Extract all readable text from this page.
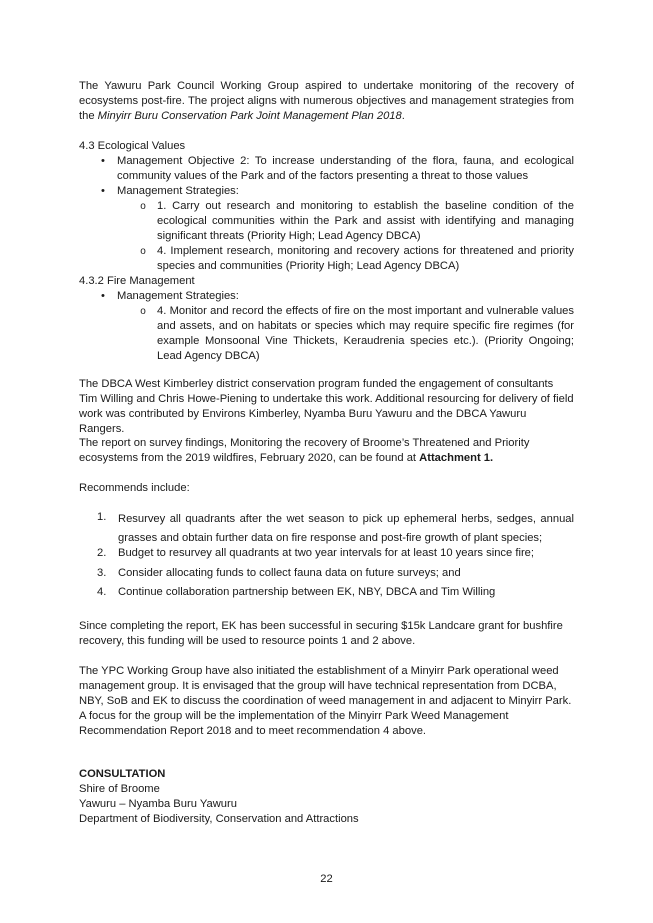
The Yawuru Park Council Working Group aspired to undertake monitoring of the recovery of ecosystems post-fire. The project aligns with numerous objectives and management strategies from the Minyirr Buru Conservation Park Joint Management Plan 2018.

4.3 Ecological Values

• Management Objective 2: To increase understanding of the flora, fauna, and ecological community values of the Park and of the factors presenting a threat to those values

• Management Strategies:

o 1. Carry out research and monitoring to establish the baseline condition of the ecological communities within the Park and assist with identifying and managing significant threats (Priority High; Lead Agency DBCA)

o 4. Implement research, monitoring and recovery actions for threatened and priority species and communities (Priority High; Lead Agency DBCA)

4.3.2 Fire Management

• Management Strategies:

o 4. Monitor and record the effects of fire on the most important and vulnerable values and assets, and on habitats or species which may require specific fire regimes (for example Monsoonal Vine Thickets, Keraudrenia species etc.). (Priority Ongoing; Lead Agency DBCA)

The DBCA West Kimberley district conservation program funded the engagement of consultants Tim Willing and Chris Howe-Piening to undertake this work. Additional resourcing for delivery of field work was contributed by Environs Kimberley, Nyamba Buru Yawuru and the DBCA Yawuru Rangers.

The report on survey findings, Monitoring the recovery of Broome’s Threatened and Priority ecosystems from the 2019 wildfires, February 2020, can be found at Attachment 1.

Recommends include:

1.	Resurvey all quadrants after the wet season to pick up ephemeral herbs, sedges, annual grasses and obtain further data on fire response and post-fire growth of plant species;

2.	Budget to resurvey all quadrants at two year intervals for at least 10 years since fire;

3.	Consider allocating funds to collect fauna data on future surveys; and

4.	Continue collaboration partnership between EK, NBY, DBCA and Tim Willing

Since completing the report, EK has been successful in securing $15k Landcare grant for bushfire recovery, this funding will be used to resource points 1 and 2 above.

The YPC Working Group have also initiated the establishment of a Minyirr Park operational weed management group. It is envisaged that the group will have technical representation from DCBA, NBY, SoB and EK to discuss the coordination of weed management in and adjacent to Minyirr Park. A focus for the group will be the implementation of the Minyirr Park Weed Management Recommendation Report 2018 and to meet recommendation 4 above.

CONSULTATION

Shire of Broome

Yawuru – Nyamba Buru Yawuru

Department of Biodiversity, Conservation and Attractions

22
